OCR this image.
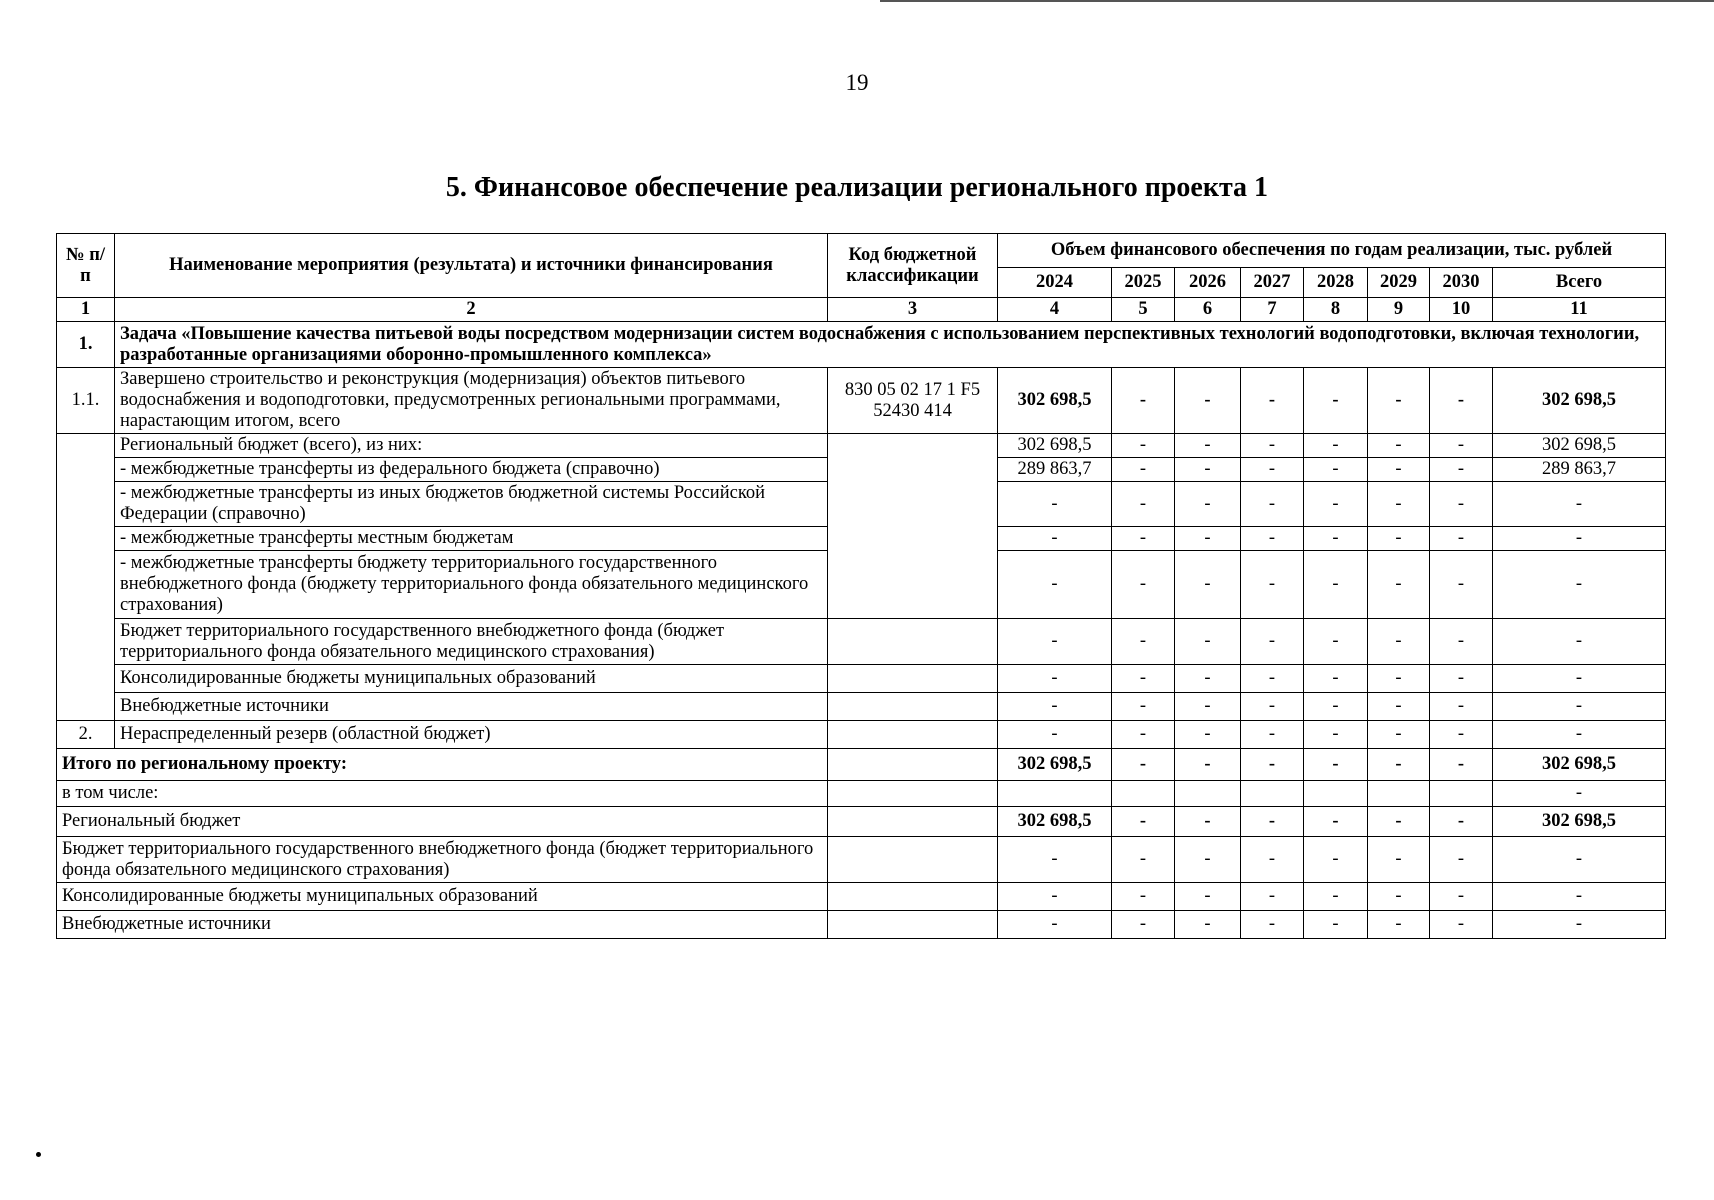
19
5. Финансовое обеспечение реализации регионального проекта 1
№ п/п	Наименование мероприятия (результата) и источники финансирования	Код бюджетной классификации	Объем финансового обеспечения по годам реализации, тыс. рублей							
			2024	2025	2026	2027	2028	2029	2030	Всего
1	2	3	4	5	6	7	8	9	10	11
1.	Задача «Повышение качества питьевой воды посредством модернизации систем водоснабжения с использованием перспективных технологий водоподготовки, включая технологии, разработанные организациями оборонно-промышленного комплекса»									
1.1.	Завершено строительство и реконструкция (модернизация) объектов питьевого водоснабжения и водоподготовки, предусмотренных региональными программами, нарастающим итогом, всего	830 05 02 17 1 F5 52430 414	302 698,5	-	-	-	-	-	-	302 698,5
	Региональный бюджет (всего), из них:		302 698,5	-	-	-	-	-	-	302 698,5
	- межбюджетные трансферты из федерального бюджета (справочно)		289 863,7	-	-	-	-	-	-	289 863,7
	- межбюджетные трансферты из иных бюджетов бюджетной системы Российской Федерации (справочно)		-	-	-	-	-	-	-	-
	- межбюджетные трансферты местным бюджетам		-	-	-	-	-	-	-	-
	- межбюджетные трансферты бюджету территориального государственного внебюджетного фонда (бюджету территориального фонда обязательного медицинского страхования)		-	-	-	-	-	-	-	-
	Бюджет территориального государственного внебюджетного фонда (бюджет территориального фонда обязательного медицинского страхования)		-	-	-	-	-	-	-	-
	Консолидированные бюджеты муниципальных образований		-	-	-	-	-	-	-	-
	Внебюджетные источники		-	-	-	-	-	-	-	-
2.	Нераспределенный резерв (областной бюджет)		-	-	-	-	-	-	-	-
Итого по региональному проекту:			302 698,5	-	-	-	-	-	-	302 698,5
в том числе:										-
Региональный бюджет			302 698,5	-	-	-	-	-	-	302 698,5
Бюджет территориального государственного внебюджетного фонда (бюджет территориального фонда обязательного медицинского страхования)			-	-	-	-	-	-	-	-
Консолидированные бюджеты муниципальных образований			-	-	-	-	-	-	-	-
Внебюджетные источники			-	-	-	-	-	-	-	-
